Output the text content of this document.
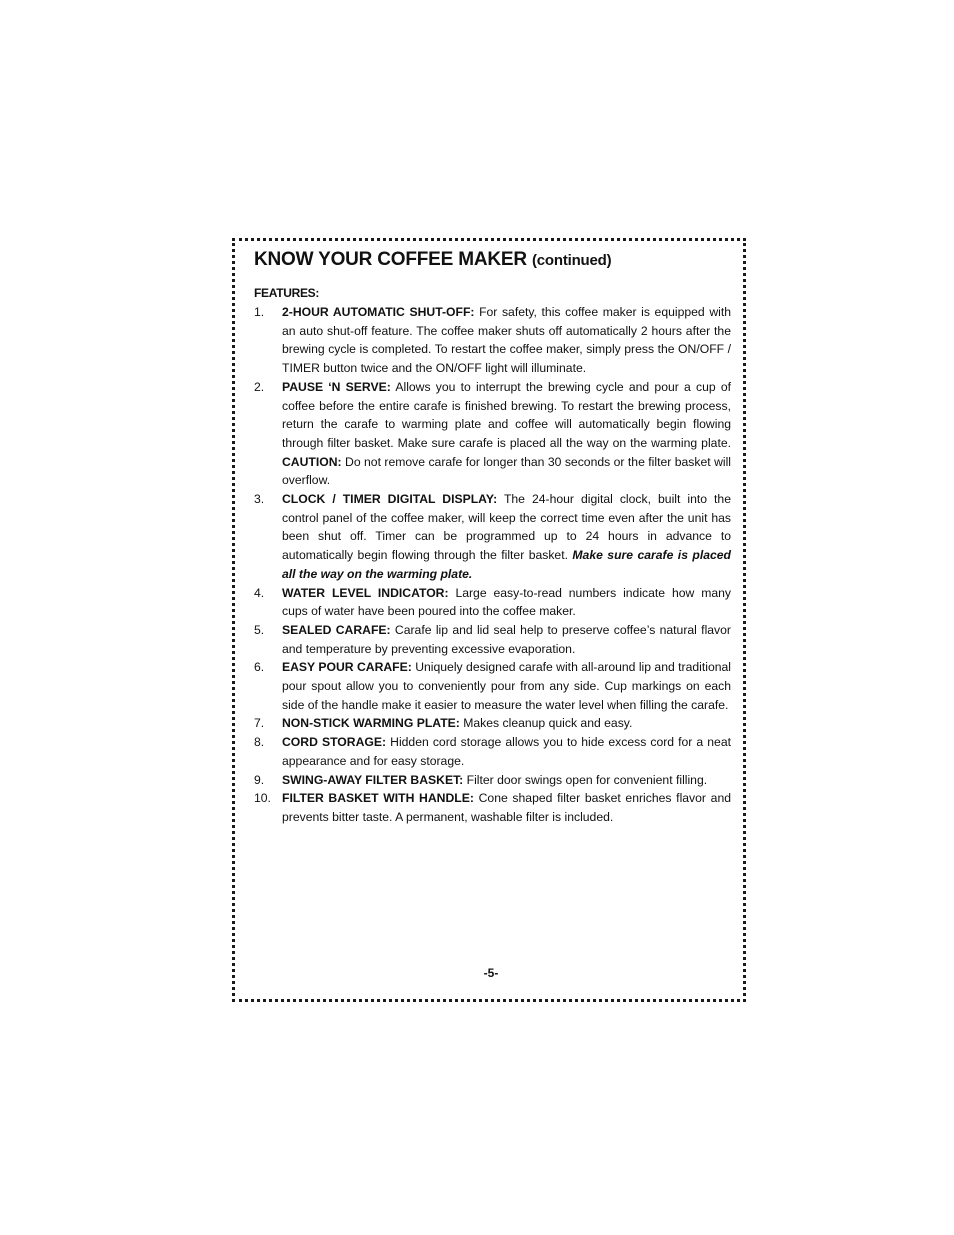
KNOW YOUR COFFEE MAKER (continued)
FEATURES:
1. 2-HOUR AUTOMATIC SHUT-OFF: For safety, this coffee maker is equipped with an auto shut-off feature. The coffee maker shuts off automatically 2 hours after the brewing cycle is completed. To restart the coffee maker, simply press the ON/OFF / TIMER button twice and the ON/OFF light will illuminate.
2. PAUSE ‘N SERVE: Allows you to interrupt the brewing cycle and pour a cup of coffee before the entire carafe is finished brewing. To restart the brewing process, return the carafe to warming plate and coffee will automatically begin flowing through filter basket. Make sure carafe is placed all the way on the warming plate. CAUTION: Do not remove carafe for longer than 30 seconds or the filter basket will overflow.
3. CLOCK / TIMER DIGITAL DISPLAY: The 24-hour digital clock, built into the control panel of the coffee maker, will keep the correct time even after the unit has been shut off. Timer can be programmed up to 24 hours in advance to automatically begin flowing through the filter basket. Make sure carafe is placed all the way on the warming plate.
4. WATER LEVEL INDICATOR: Large easy-to-read numbers indicate how many cups of water have been poured into the coffee maker.
5. SEALED CARAFE: Carafe lip and lid seal help to preserve coffee’s natural flavor and temperature by preventing excessive evaporation.
6. EASY POUR CARAFE: Uniquely designed carafe with all-around lip and traditional pour spout allow you to conveniently pour from any side. Cup markings on each side of the handle make it easier to measure the water level when filling the carafe.
7. NON-STICK WARMING PLATE: Makes cleanup quick and easy.
8. CORD STORAGE: Hidden cord storage allows you to hide excess cord for a neat appearance and for easy storage.
9. SWING-AWAY FILTER BASKET: Filter door swings open for convenient filling.
10. FILTER BASKET WITH HANDLE: Cone shaped filter basket enriches flavor and prevents bitter taste. A permanent, washable filter is included.
-5-
